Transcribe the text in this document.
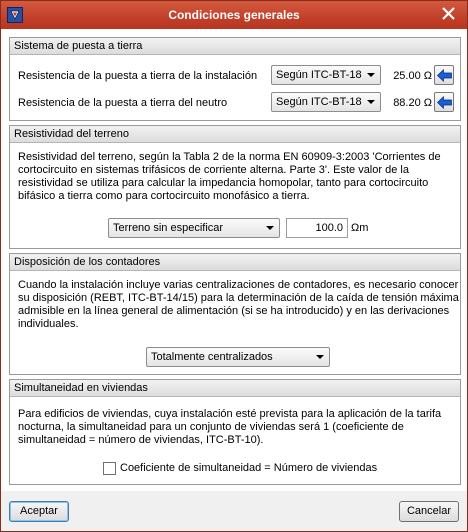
Condiciones generales
Sistema de puesta a tierra
Resistencia de la puesta a tierra de la instalación	Según ITC-BT-18	25.00 Ω
Resistencia de la puesta a tierra del neutro	Según ITC-BT-18	88.20 Ω
Resistividad del terreno
Resistividad del terreno, según la Tabla 2 de la norma EN 60909-3:2003 'Corrientes de
cortocircuito en sistemas trifásicos de corriente alterna. Parte 3'. Este valor de la
resistividad se utiliza para calcular la impedancia homopolar, tanto para cortocircuito
bifásico a tierra como para cortocircuito monofásico a tierra.
Terreno sin especificar	100.0 Ωm
Disposición de los contadores
Cuando la instalación incluye varias centralizaciones de contadores, es necesario conocer
su disposición (REBT, ITC-BT-14/15) para la determinación de la caída de tensión máxima
admisible en la línea general de alimentación (si se ha introducido) y en las derivaciones
individuales.
Totalmente centralizados
Simultaneidad en viviendas
Para edificios de viviendas, cuya instalación esté prevista para la aplicación de la tarifa
nocturna, la simultaneidad para un conjunto de viviendas será 1 (coeficiente de
simultaneidad = número de viviendas, ITC-BT-10).
Coeficiente de simultaneidad = Número de viviendas
Aceptar	Cancelar
